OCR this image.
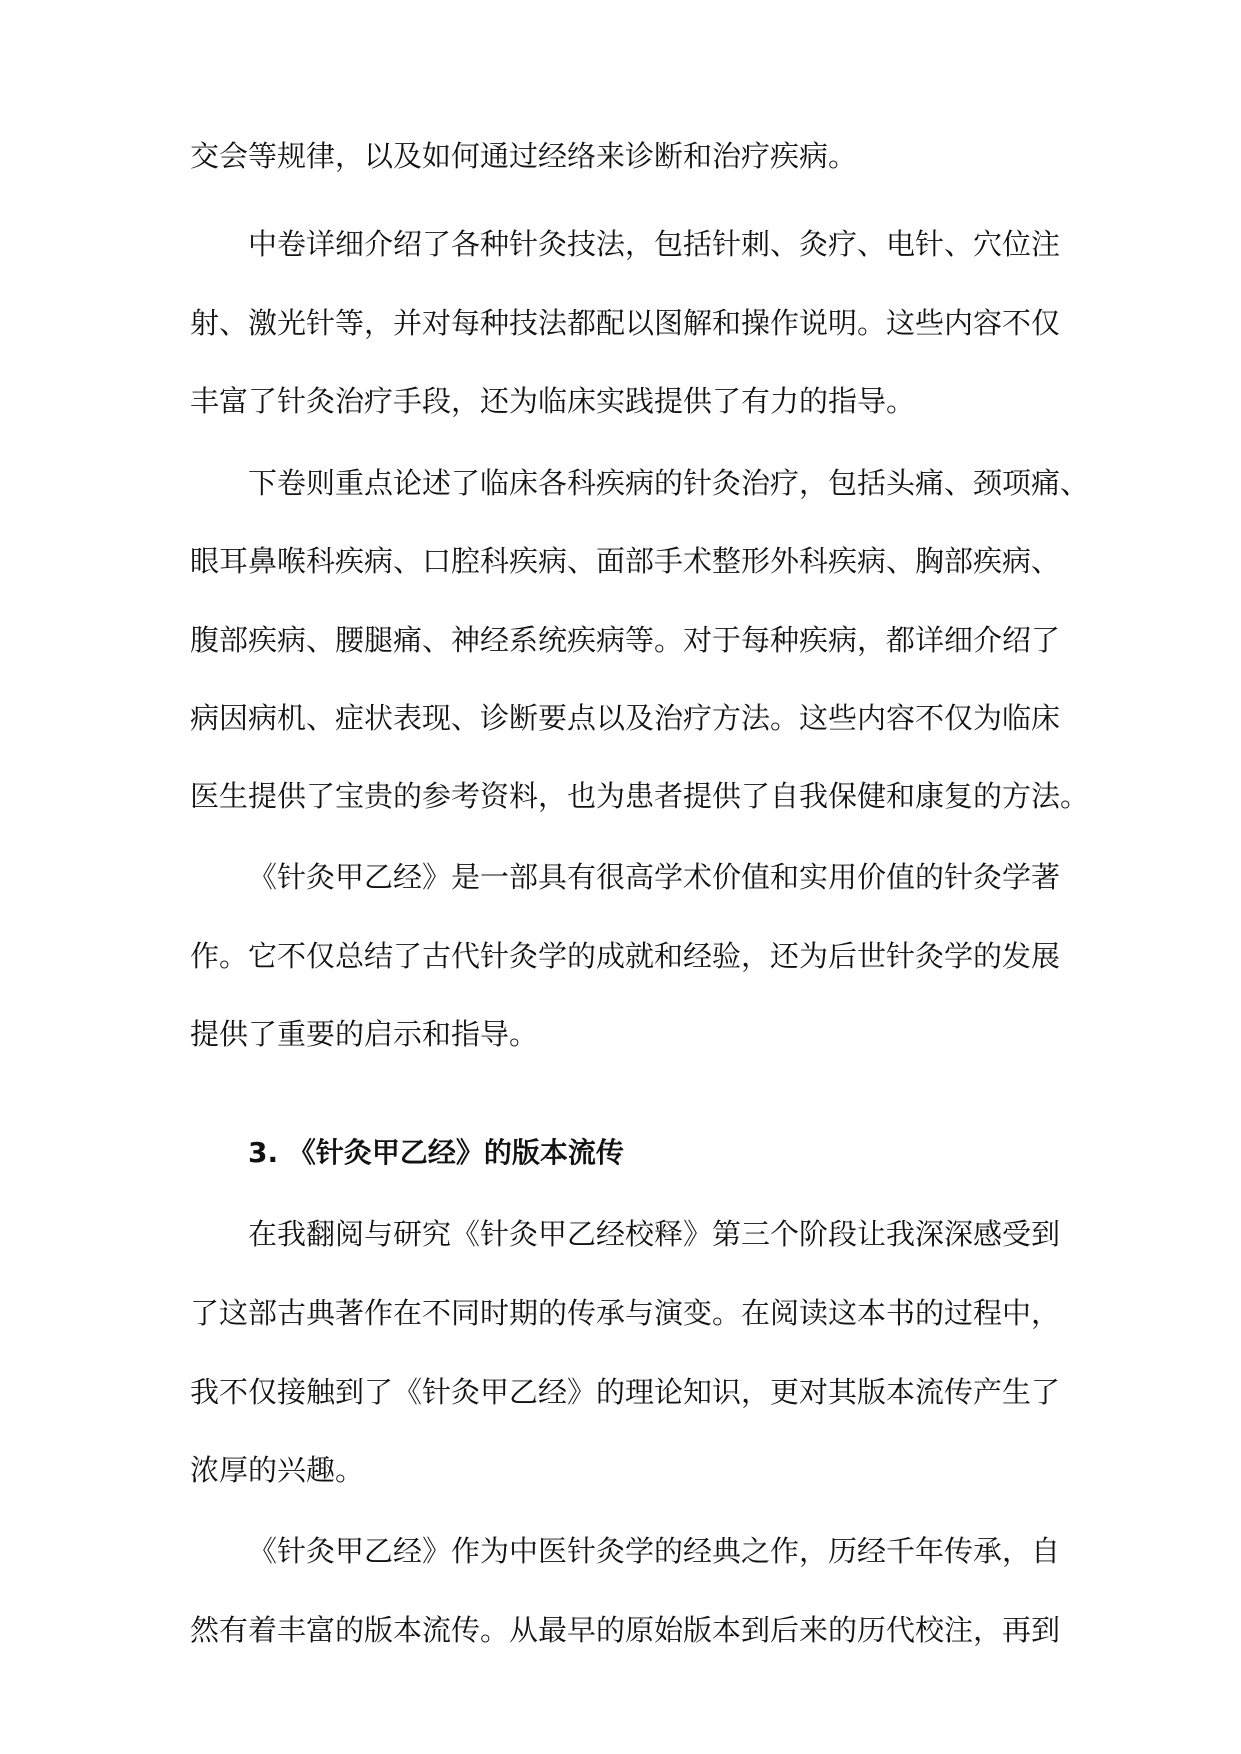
交会等规律，以及如何通过经络来诊断和治疗疾病。
中卷详细介绍了各种针灸技法，包括针刺、灸疗、电针、穴位注
射、激光针等，并对每种技法都配以图解和操作说明。这些内容不仅
丰富了针灸治疗手段，还为临床实践提供了有力的指导。
下卷则重点论述了临床各科疾病的针灸治疗，包括头痛、颈项痛、
眼耳鼻喉科疾病、口腔科疾病、面部手术整形外科疾病、胸部疾病、
腹部疾病、腰腿痛、神经系统疾病等。对于每种疾病，都详细介绍了
病因病机、症状表现、诊断要点以及治疗方法。这些内容不仅为临床
医生提供了宝贵的参考资料，也为患者提供了自我保健和康复的方法。
《针灸甲乙经》是一部具有很高学术价值和实用价值的针灸学著
作。它不仅总结了古代针灸学的成就和经验，还为后世针灸学的发展
提供了重要的启示和指导。
3. 《针灸甲乙经》的版本流传
在我翻阅与研究《针灸甲乙经校释》第三个阶段让我深深感受到
了这部古典著作在不同时期的传承与演变。在阅读这本书的过程中，
我不仅接触到了《针灸甲乙经》的理论知识，更对其版本流传产生了
浓厚的兴趣。
《针灸甲乙经》作为中医针灸学的经典之作，历经千年传承，自
然有着丰富的版本流传。从最早的原始版本到后来的历代校注，再到
